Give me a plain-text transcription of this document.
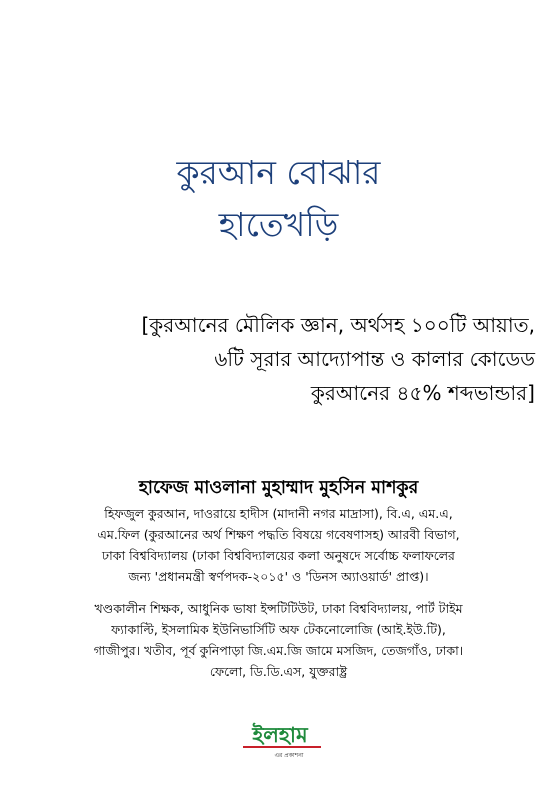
কুরআন বোঝার
হাতেখড়ি
[কুরআনের মৌলিক জ্ঞান, অর্থসহ ১০০টি আয়াত,
৬টি সূরার আদ্যোপান্ত ও কালার কোডেড
কুরআনের ৪৫% শব্দভান্ডার]
হাফেজ মাওলানা মুহাম্মাদ মুহসিন মাশকুর
হিফজুল কুরআন, দাওরায়ে হাদীস (মাদানী নগর মাদ্রাসা), বি.এ, এম.এ,
এম.ফিল (কুরআনের অর্থ শিক্ষণ পদ্ধতি বিষয়ে গবেষণাসহ) আরবী বিভাগ,
ঢাকা বিশ্ববিদ্যালয় (ঢাকা বিশ্ববিদ্যালয়ের কলা অনুষদে সর্বোচ্চ ফলাফলের
জন্য 'প্রধানমন্ত্রী স্বর্ণপদক-২০১৫' ও 'ডিনস অ্যাওয়ার্ড' প্রাপ্ত)।
খণ্ডকালীন শিক্ষক, আধুনিক ভাষা ইন্সটিটিউট, ঢাকা বিশ্ববিদ্যালয়, পার্ট টাইম
ফ্যাকাল্টি, ইসলামিক ইউনিভার্সিটি অফ টেকনোলোজি (আই.ইউ.টি),
গাজীপুর। খতীব, পূর্ব কুনিপাড়া জি.এম.জি জামে মসজিদ, তেজগাঁও, ঢাকা।
ফেলো, ডি.ডি.এস, যুক্তরাষ্ট্র
ইলহাম
এর প্রকাশনা
